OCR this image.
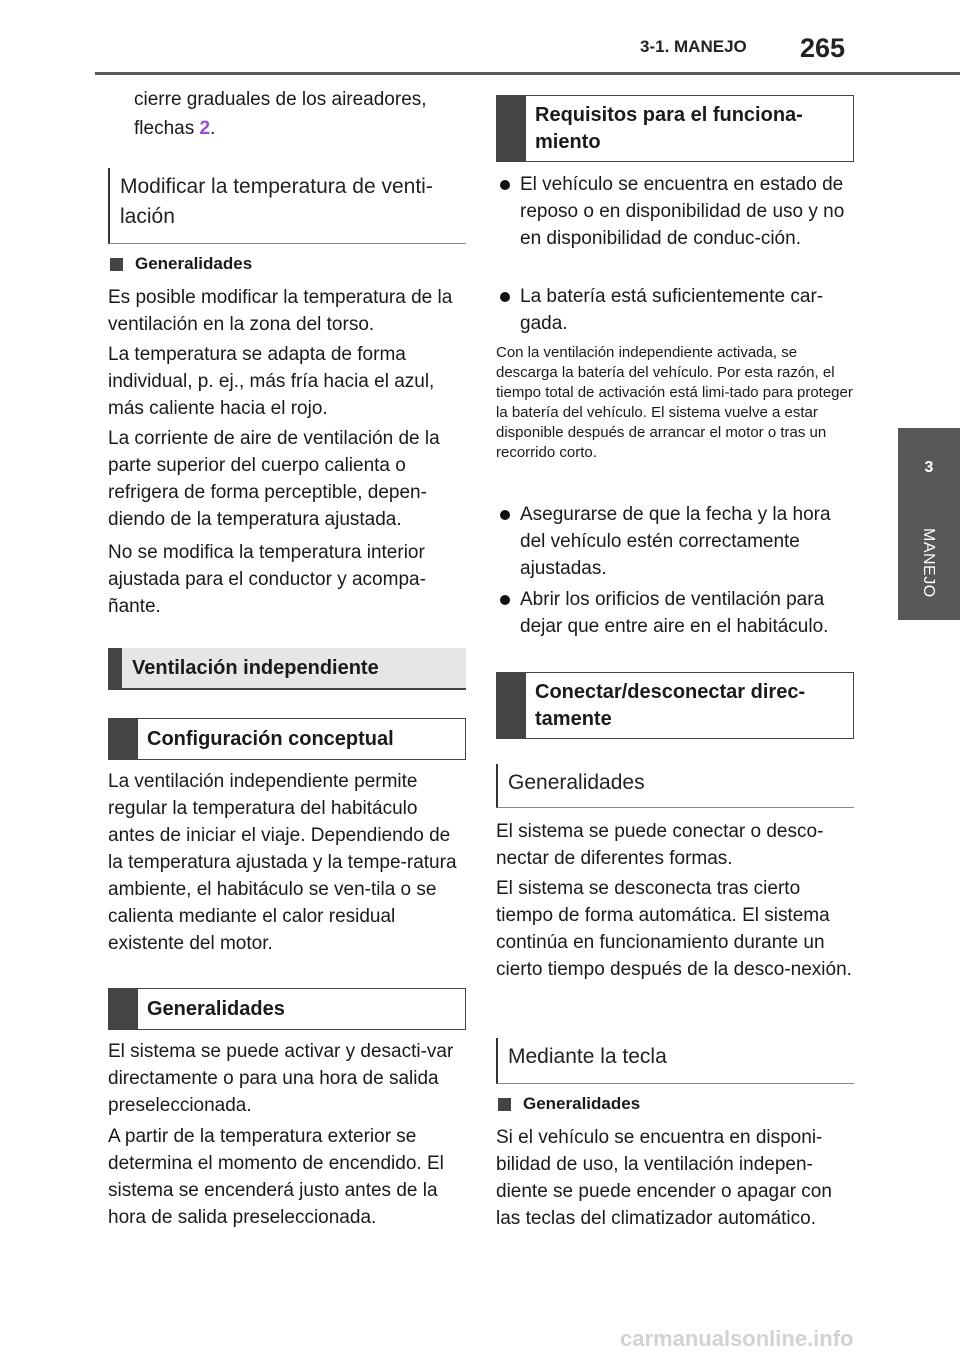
3-1. MANEJO 265
3
MANEJO

cierre graduales de los aireadores,

flechas 2.

Modificar la temperatura de venti-lación
Generalidades

Es posible modificar la temperatura de la ventilación en la zona del torso.

La temperatura se adapta de forma individual, p. ej., más fría hacia el azul, más caliente hacia el rojo.

La corriente de aire de ventilación de la parte superior del cuerpo calienta o refrigera de forma perceptible, depen-diendo de la temperatura ajustada.

No se modifica la temperatura interior ajustada para el conductor y acompa-ñante.

Ventilación independiente
Configuración conceptual

La ventilación independiente permite regular la temperatura del habitáculo antes de iniciar el viaje. Dependiendo de la temperatura ajustada y la tempe-ratura ambiente, el habitáculo se ven-tila o se calienta mediante el calor residual existente del motor.

Generalidades

El sistema se puede activar y desacti-var directamente o para una hora de salida preseleccionada.

A partir de la temperatura exterior se determina el momento de encendido. El sistema se encenderá justo antes de la hora de salida preseleccionada.

Requisitos para el funciona-miento
El vehículo se encuentra en estado de reposo o en disponibilidad de uso y no en disponibilidad de conduc-ción.
La batería está suficientemente car-gada.

Con la ventilación independiente activada, se descarga la batería del vehículo. Por esta razón, el tiempo total de activación está limi-tado para proteger la batería del vehículo. El sistema vuelve a estar disponible después de arrancar el motor o tras un recorrido corto.

Asegurarse de que la fecha y la hora del vehículo estén correctamente ajustadas.
Abrir los orificios de ventilación para dejar que entre aire en el habitáculo.
Conectar/desconectar direc-tamente
Generalidades

El sistema se puede conectar o desco-nectar de diferentes formas.

El sistema se desconecta tras cierto tiempo de forma automática. El sistema continúa en funcionamiento durante un cierto tiempo después de la desco-nexión.

Mediante la tecla
Generalidades

Si el vehículo se encuentra en disponi-bilidad de uso, la ventilación indepen-diente se puede encender o apagar con las teclas del climatizador automático.

carmanualsonline.info
